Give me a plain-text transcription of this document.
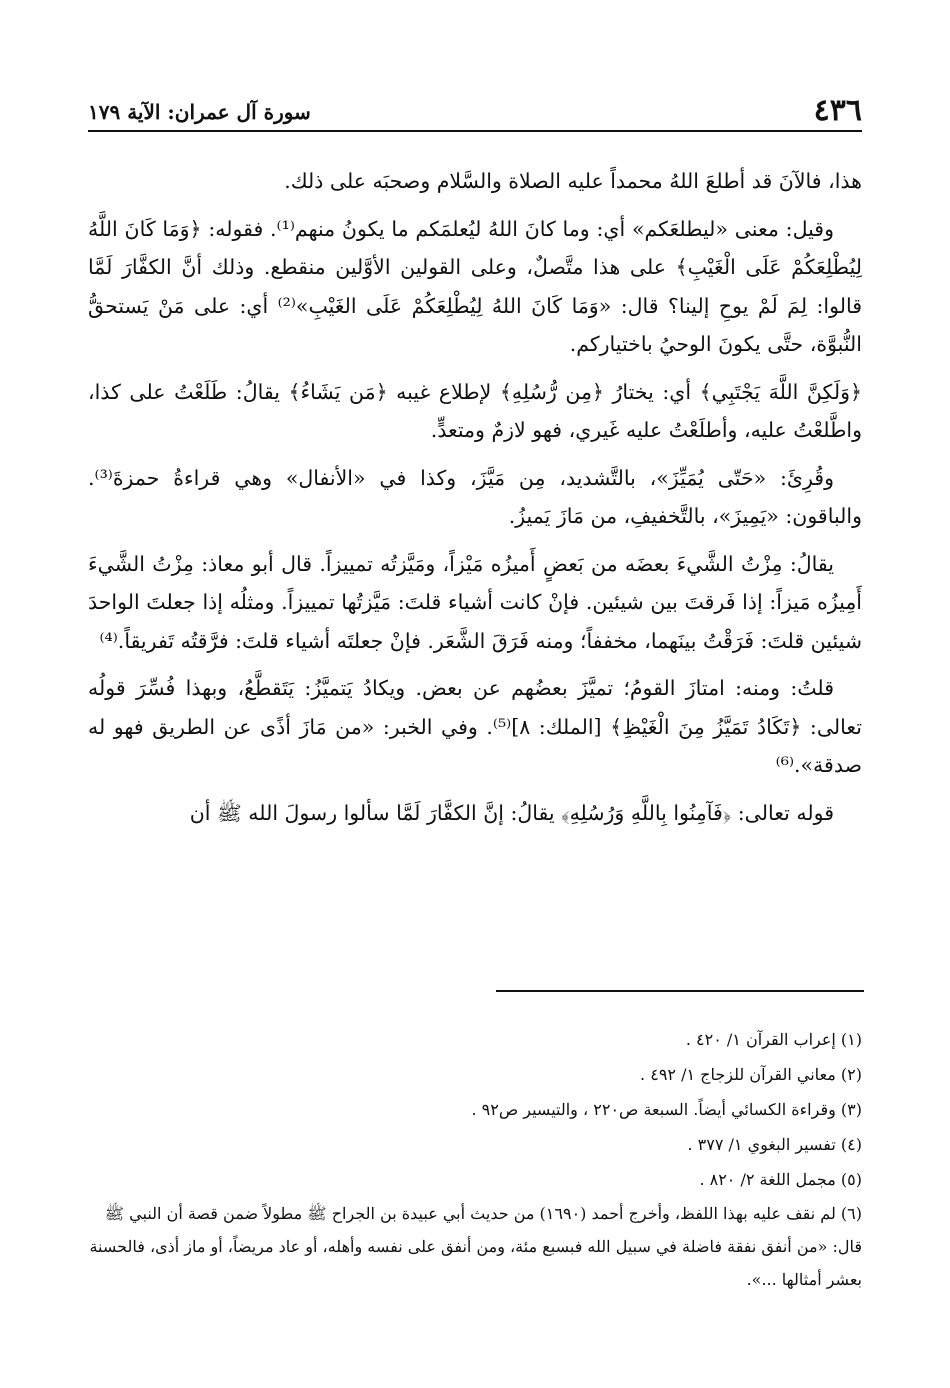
٤٣٦
سورة آل عمران: الآية ١٧٩

هذا، فالآنَ قد أطلعَ اللهُ محمداً عليه الصلاة والسَّلام وصحبَه على ذلك.

وقيل: معنى «ليطلعَكم» أي: وما كانَ اللهُ ليُعلمَكم ما يكونُ منهم⁽¹⁾. فقوله: ﴿وَمَا كَانَ اللَّهُ لِيُطْلِعَكُمْ عَلَى الْغَيْبِ﴾ على هذا متَّصلٌ، وعلى القولين الأوَّلين منقطع. وذلك أنَّ الكفَّارَ لَمَّا قالوا: لِمَ لَمْ يوحِ إلينا؟ قال: «وَمَا كَانَ اللهُ لِيُطْلِعَكُمْ عَلَى الغَيْبِ»⁽²⁾ أي: على مَنْ يَستحقُّ النُّبوَّة، حتَّى يكونَ الوحيُ باختياركم.

﴿وَلَكِنَّ اللَّهَ يَجْتَبِي﴾ أي: يختارُ ﴿مِن رُّسُلِهِ﴾ لإطلاع غيبه ﴿مَن يَشَاءُ﴾ يقالُ: طَلَعْتُ على كذا، واطَّلعْتُ عليه، وأطلَعْتُ عليه غَيري، فهو لازمٌ ومتعدٍّ.

وقُرِئَ: «حَتّى يُمَيِّزَ»، بالتَّشديد، مِن مَيَّزَ، وكذا في «الأنفال» وهي قراءةُ حمزةَ⁽³⁾. والباقون: «يَمِيزَ»، بالتَّخفيفِ، من مَازَ يَميزُ.

يقالُ: مِزْتُ الشَّيءَ بعضَه من بَعضٍ أَميزُه مَيْزاً، ومَيَّزتُه تمييزاً. قال أبو معاذ: مِزْتُ الشَّيءَ أَمِيزُه مَيزاً: إذا فَرقتَ بين شيئين. فإنْ كانت أشياء قلتَ: مَيَّزتُها تمييزاً. ومثلُه إذا جعلتَ الواحدَ شيئين قلتَ: فَرَقْتُ بينَهما، مخففاً؛ ومنه فَرَقَ الشَّعَر. فإنْ جعلتَه أشياء قلتَ: فرَّقتُه تَفريقاً.⁽⁴⁾

قلتُ: ومنه: امتازَ القومُ؛ تميَّزَ بعضُهم عن بعض. ويكادُ يَتميَّزُ: يَتَقطَّعُ، وبهذا فُسِّرَ قولُه تعالى: ﴿تَكَادُ تَمَيَّزُ مِنَ الْغَيْظِ﴾ [الملك: ٨]⁽⁵⁾. وفي الخبر: «من مَازَ أذًى عن الطريق فهو له صدقة».⁽⁶⁾

قوله تعالى: ﴿فَآمِنُوا بِاللَّهِ وَرُسُلِهِ﴾ يقالُ: إنَّ الكفَّارَ لَمَّا سألوا رسولَ الله ﷺ أن

(١) إعراب القرآن ١/ ٤٢٠ .

(٢) معاني القرآن للزجاج ١/ ٤٩٢ .

(٣) وقراءة الكسائي أيضاً. السبعة ص٢٢٠ ، والتيسير ص٩٢ .

(٤) تفسير البغوي ١/ ٣٧٧ .

(٥) مجمل اللغة ٢/ ٨٢٠ .

(٦) لم نقف عليه بهذا اللفظ، وأخرج أحمد (١٦٩٠) من حديث أبي عبيدة بن الجراح ﷺ مطولاً ضمن قصة أن النبي ﷺ قال: «من أنفق نفقة فاضلة في سبيل الله فبسبع مئة، ومن أنفق على نفسه وأهله، أو عاد مريضاً، أو ماز أذى، فالحسنة بعشر أمثالها ...».
